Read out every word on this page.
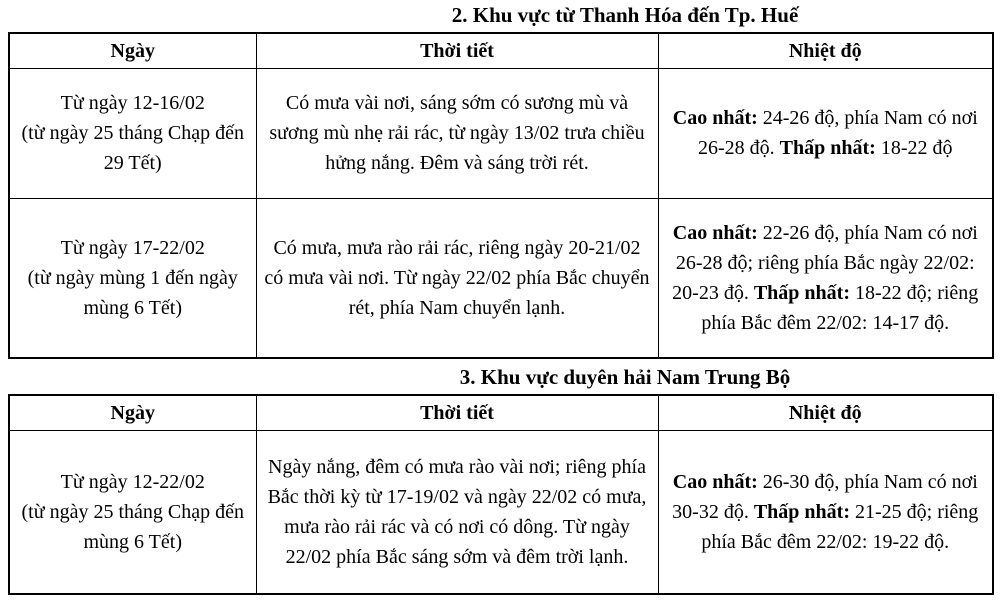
2. Khu vực từ Thanh Hóa đến Tp. Huế
Ngày	Thời tiết	Nhiệt độ

Từ ngày 12-16/02
(từ ngày 25 tháng Chạp đến 29 Tết)	Có mưa vài nơi, sáng sớm có sương mù và sương mù nhẹ rải rác, từ ngày 13/02 trưa chiều hửng nắng. Đêm và sáng trời rét.	Cao nhất: 24-26 độ, phía Nam có nơi 26-28 độ. Thấp nhất: 18-22 độ

Từ ngày 17-22/02
(từ ngày mùng 1 đến ngày mùng 6 Tết)	Có mưa, mưa rào rải rác, riêng ngày 20-21/02 có mưa vài nơi. Từ ngày 22/02 phía Bắc chuyển rét, phía Nam chuyển lạnh.	Cao nhất: 22-26 độ, phía Nam có nơi 26-28 độ; riêng phía Bắc ngày 22/02: 20-23 độ. Thấp nhất: 18-22 độ; riêng phía Bắc đêm 22/02: 14-17 độ.
3. Khu vực duyên hải Nam Trung Bộ
Ngày	Thời tiết	Nhiệt độ

Từ ngày 12-22/02
(từ ngày 25 tháng Chạp đến mùng 6 Tết)	Ngày nắng, đêm có mưa rào vài nơi; riêng phía Bắc thời kỳ từ 17-19/02 và ngày 22/02 có mưa, mưa rào rải rác và có nơi có dông. Từ ngày 22/02 phía Bắc sáng sớm và đêm trời lạnh.	Cao nhất: 26-30 độ, phía Nam có nơi 30-32 độ. Thấp nhất: 21-25 độ; riêng phía Bắc đêm 22/02: 19-22 độ.
